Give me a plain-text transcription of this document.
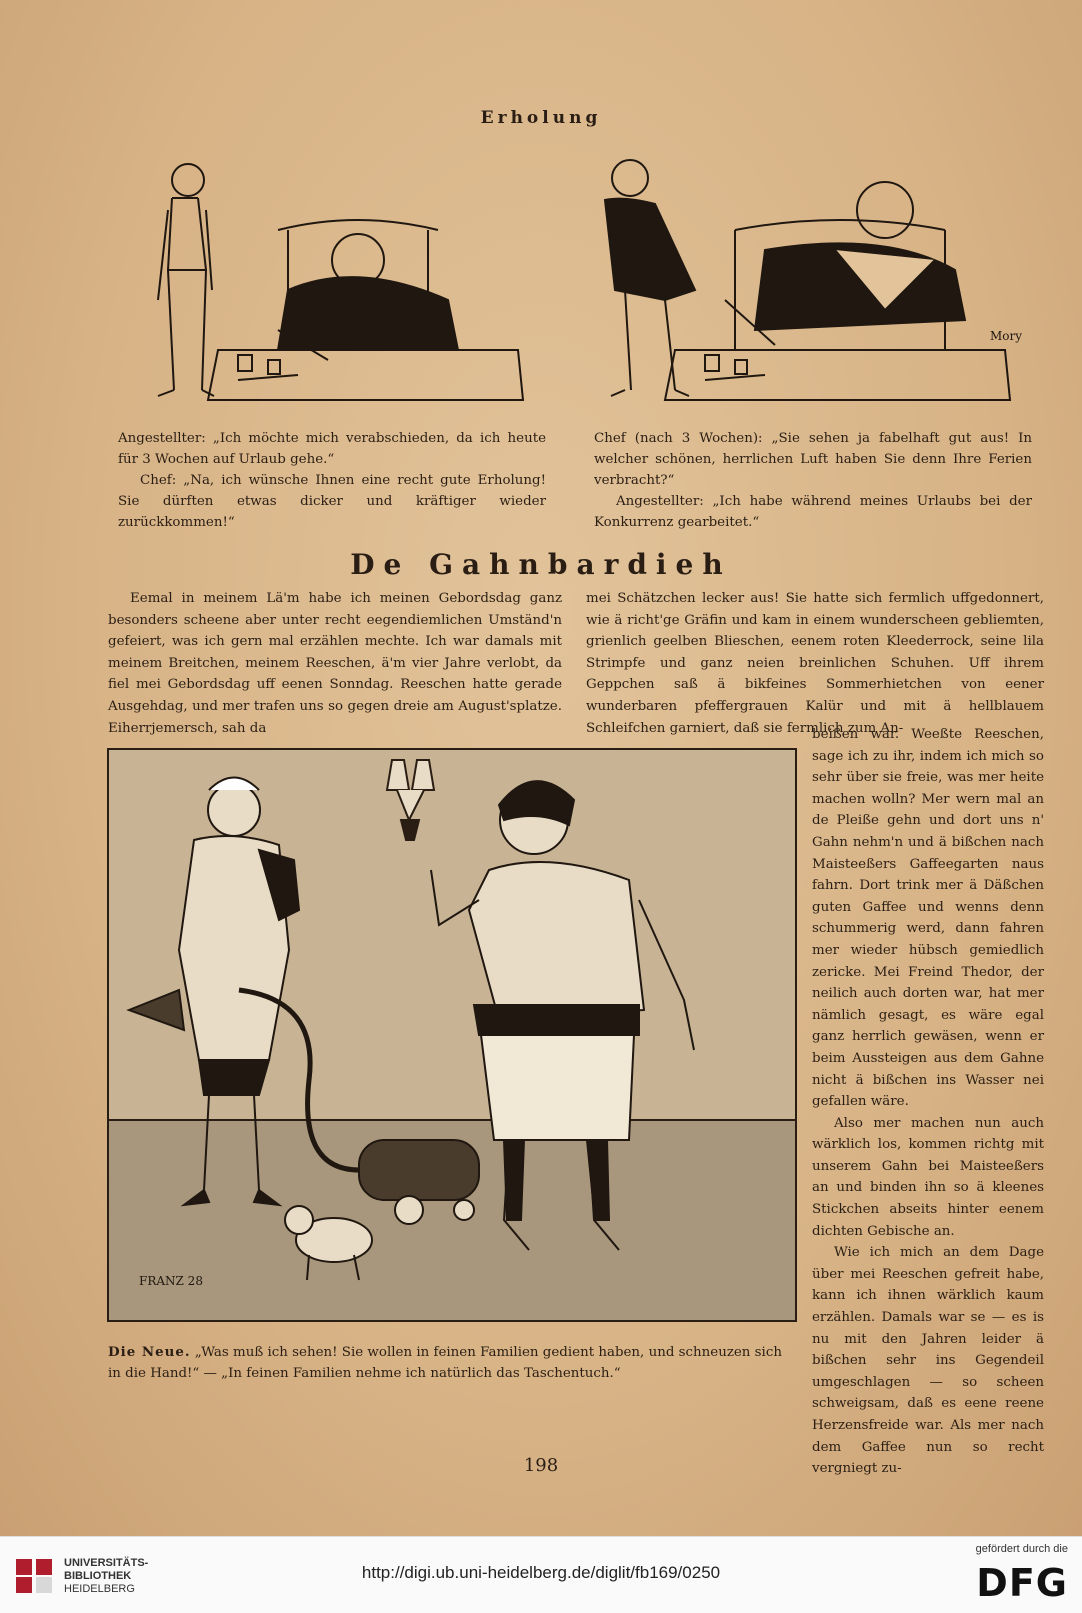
Erholung
Mory

Angestellter: „Ich möchte mich verabschieden, da ich heute für 3 Wochen auf Urlaub gehe.“

Chef: „Na, ich wünsche Ihnen eine recht gute Erholung! Sie dürften etwas dicker und kräftiger wieder zurückkommen!“

Chef (nach 3 Wochen): „Sie sehen ja fabelhaft gut aus! In welcher schönen, herrlichen Luft haben Sie denn Ihre Ferien verbracht?“

Angestellter: „Ich habe während meines Urlaubs bei der Konkurrenz gearbeitet.“

De Gahnbardieh

Eemal in meinem Lä'm habe ich meinen Gebordsdag ganz besonders scheene aber unter recht eegendiemlichen Umständ'n gefeiert, was ich gern mal erzählen mechte. Ich war damals mit meinem Breitchen, meinem Reeschen, ä'm vier Jahre verlobt, da fiel mei Gebordsdag uff eenen Sonndag. Reeschen hatte gerade Ausgehdag, und mer trafen uns so gegen dreie am August'splatze. Eiherrjemersch, sah da

mei Schätzchen lecker aus! Sie hatte sich fermlich uffgedonnert, wie ä richt'ge Gräfin und kam in einem wunderscheen gebliemten, grienlich geelben Blieschen, eenem roten Kleederrock, seine lila Strimpfe und ganz neien breinlichen Schuhen. Uff ihrem Geppchen saß ä bikfeines Sommerhietchen von eener wunderbaren pfeffergrauen Kalür und mit ä hellblauem Schleifchen garniert, daß sie fermlich zum An-

beißen war. Weeßte Reeschen, sage ich zu ihr, indem ich mich so sehr über sie freie, was mer heite machen wolln? Mer wern mal an de Pleiße gehn und dort uns n' Gahn nehm'n und ä bißchen nach Maisteeßers Gaffeegarten naus fahrn. Dort trink mer ä Däßchen guten Gaffee und wenns denn schummerig werd, dann fahren mer wieder hübsch gemiedlich zericke. Mei Freind Thedor, der neilich auch dorten war, hat mer nämlich gesagt, es wäre egal ganz herrlich gewäsen, wenn er beim Aussteigen aus dem Gahne nicht ä bißchen ins Wasser nei gefallen wäre.

Also mer machen nun auch wärklich los, kommen richtg mit unserem Gahn bei Maisteeßers an und binden ihn so ä kleenes Stickchen abseits hinter eenem dichten Gebische an.

Wie ich mich an dem Dage über mei Reeschen gefreit habe, kann ich ihnen wärklich kaum erzählen. Damals war se — es is nu mit den Jahren leider ä bißchen sehr ins Gegendeil umgeschlagen — so scheen schweigsam, daß es eene reene Herzensfreide war. Als mer nach dem Gaffee nun so recht vergniegt zu-

FRANZ 28
Die Neue. „Was muß ich sehen! Sie wollen in feinen Familien gedient haben, und schneuzen sich in die Hand!“ — „In feinen Familien nehme ich natürlich das Taschentuch.“
198
UNIVERSITÄTS-
BIBLIOTHEK
HEIDELBERG
http://digi.ub.uni-heidelberg.de/diglit/fb169/0250
gefördert durch die
DFG
